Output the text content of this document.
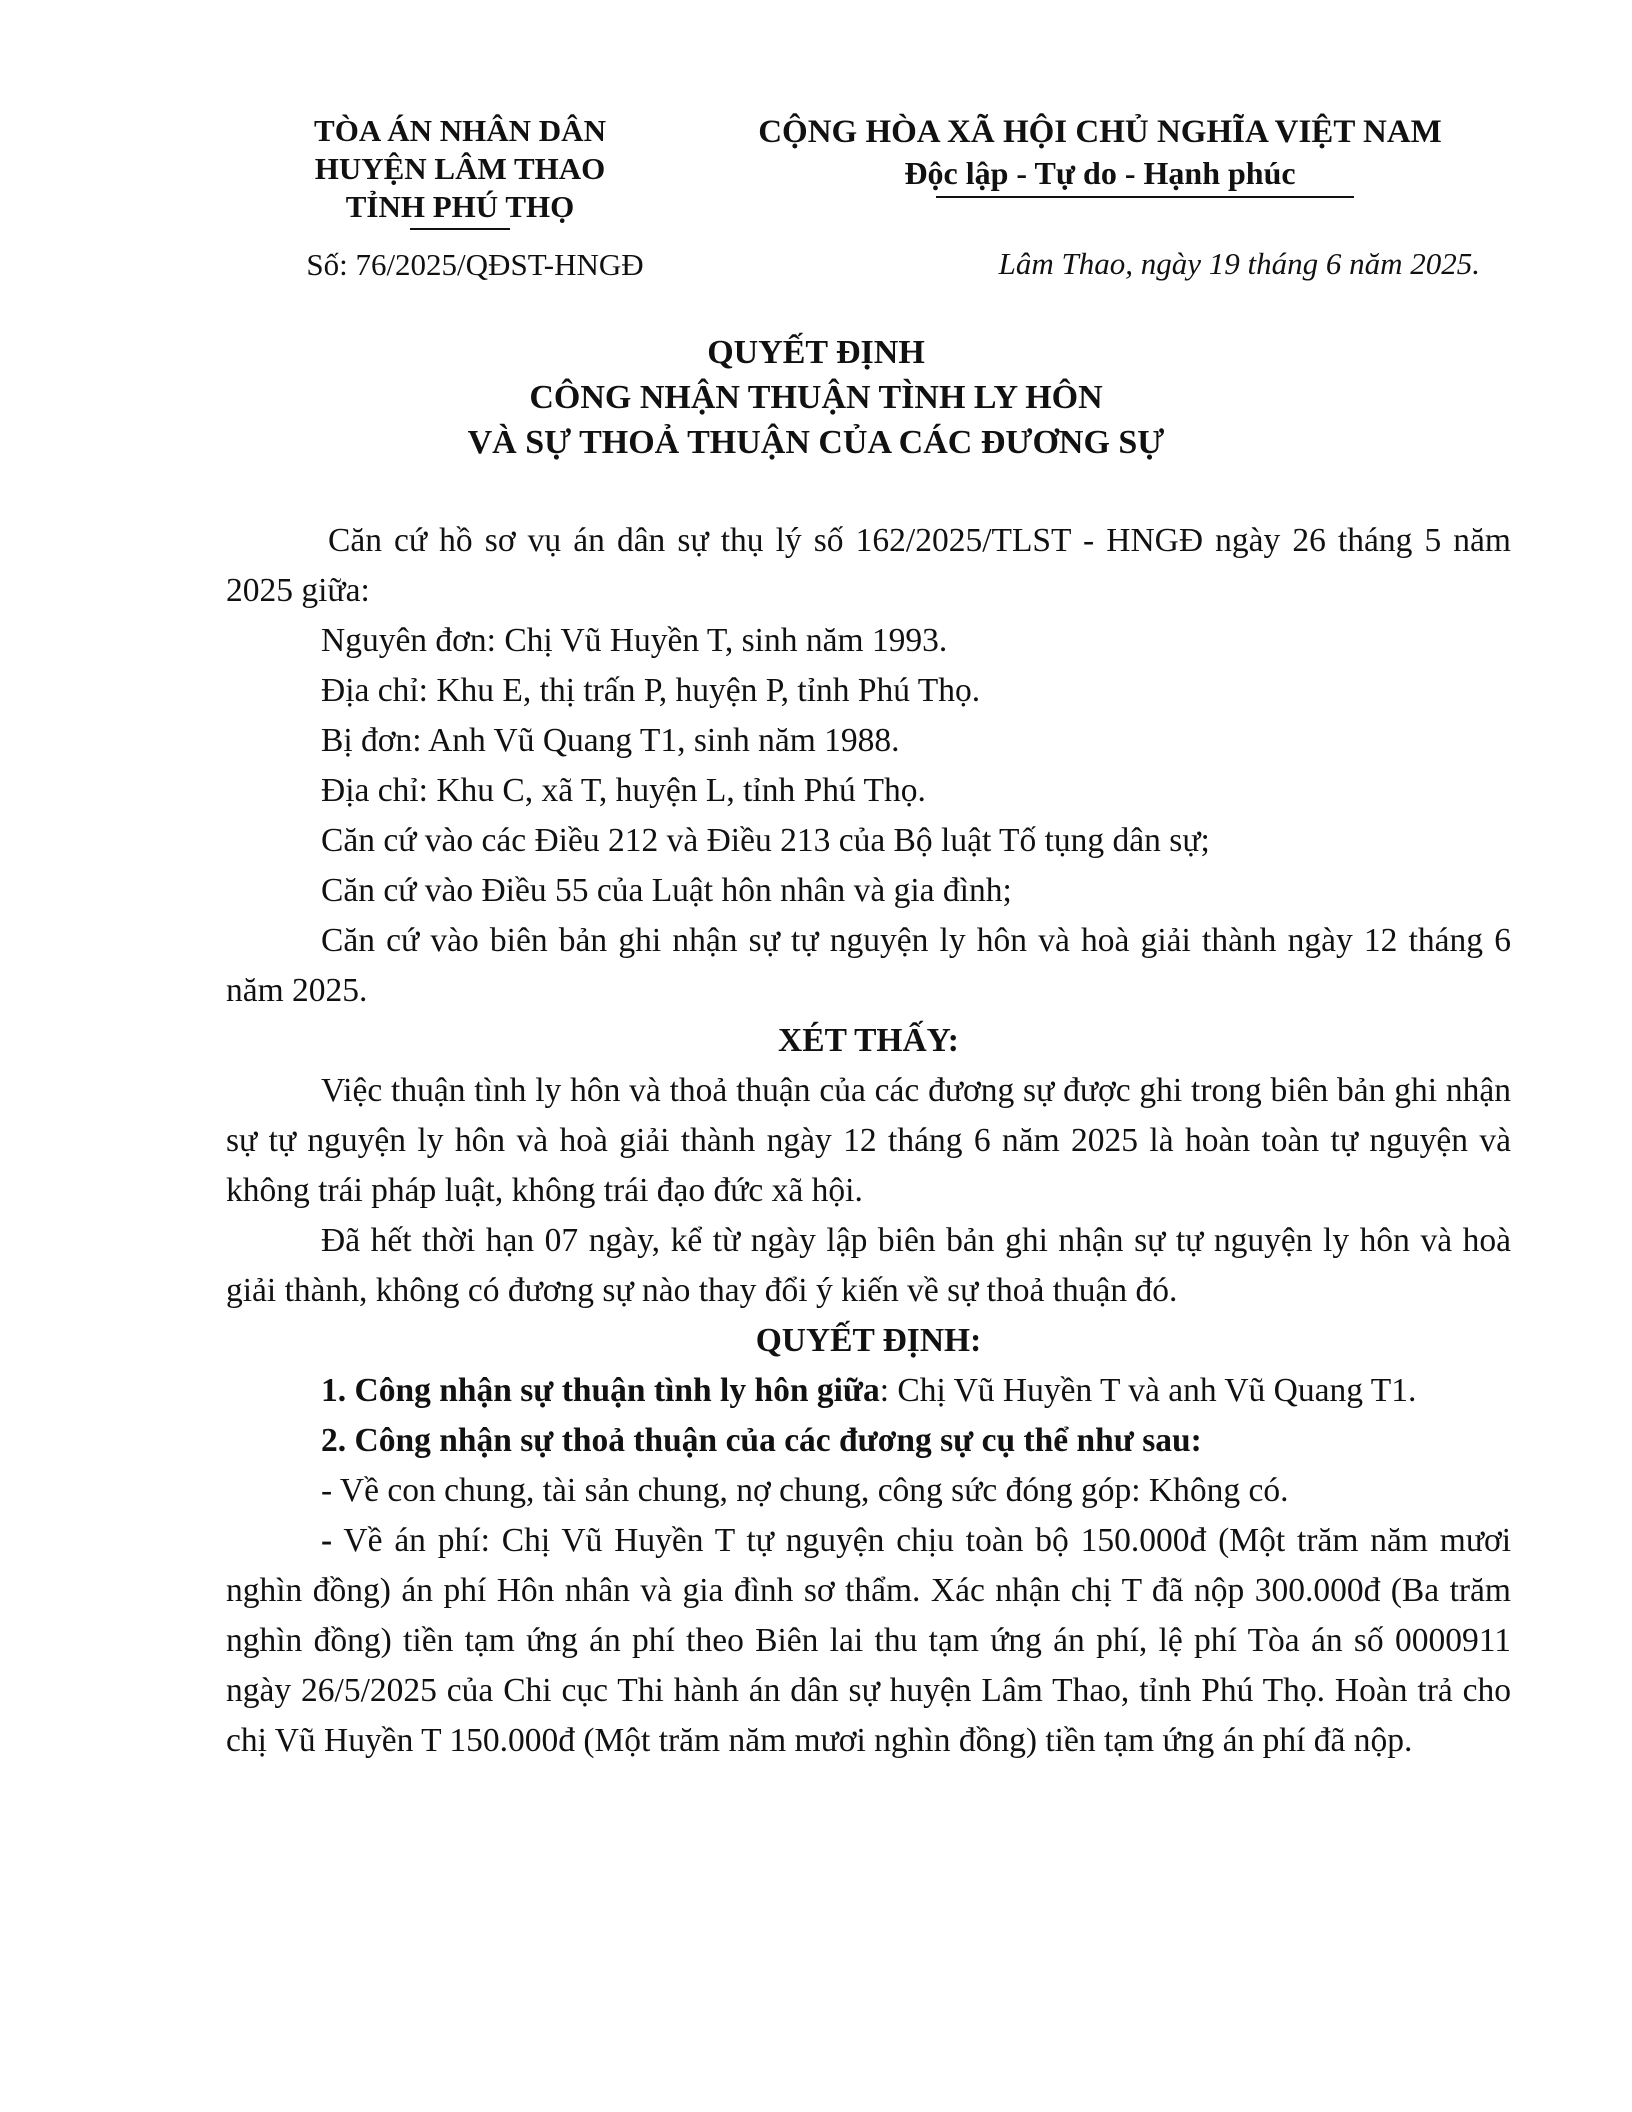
TÒA ÁN NHÂN DÂN
HUYỆN LÂM THAO
TỈNH PHÚ THỌ
CỘNG HÒA XÃ HỘI CHỦ NGHĨA VIỆT NAM
Độc lập - Tự do - Hạnh phúc
Số: 76/2025/QĐST-HNGĐ	Lâm Thao, ngày 19 tháng 6 năm 2025.
QUYẾT ĐỊNH
CÔNG NHẬN THUẬN TÌNH LY HÔN
VÀ SỰ THOẢ THUẬN CỦA CÁC ĐƯƠNG SỰ

Căn cứ hồ sơ vụ án dân sự thụ lý số 162/2025/TLST - HNGĐ ngày 26 tháng 5 năm 2025 giữa:

Nguyên đơn: Chị Vũ Huyền T, sinh năm 1993.

Địa chỉ: Khu E, thị trấn P, huyện P, tỉnh Phú Thọ.

Bị đơn: Anh Vũ Quang T1, sinh năm 1988.

Địa chỉ: Khu C, xã T, huyện L, tỉnh Phú Thọ.

Căn cứ vào các Điều 212 và Điều 213 của Bộ luật Tố tụng dân sự;

Căn cứ vào Điều 55 của Luật hôn nhân và gia đình;

Căn cứ vào biên bản ghi nhận sự tự nguyện ly hôn và hoà giải thành ngày 12 tháng 6 năm 2025.

XÉT THẤY:

Việc thuận tình ly hôn và thoả thuận của các đương sự được ghi trong biên bản ghi nhận sự tự nguyện ly hôn và hoà giải thành ngày 12 tháng 6 năm 2025 là hoàn toàn tự nguyện và không trái pháp luật, không trái đạo đức xã hội.

Đã hết thời hạn 07 ngày, kể từ ngày lập biên bản ghi nhận sự tự nguyện ly hôn và hoà giải thành, không có đương sự nào thay đổi ý kiến về sự thoả thuận đó.

QUYẾT ĐỊNH:

1. Công nhận sự thuận tình ly hôn giữa: Chị Vũ Huyền T và anh Vũ Quang T1.

2. Công nhận sự thoả thuận của các đương sự cụ thể như sau:

- Về con chung, tài sản chung, nợ chung, công sức đóng góp: Không có.

- Về án phí: Chị Vũ Huyền T tự nguyện chịu toàn bộ 150.000đ (Một trăm năm mươi nghìn đồng) án phí Hôn nhân và gia đình sơ thẩm. Xác nhận chị T đã nộp 300.000đ (Ba trăm nghìn đồng) tiền tạm ứng án phí theo Biên lai thu tạm ứng án phí, lệ phí Tòa án số 0000911 ngày 26/5/2025 của Chi cục Thi hành án dân sự huyện Lâm Thao, tỉnh Phú Thọ. Hoàn trả cho chị Vũ Huyền T 150.000đ (Một trăm năm mươi nghìn đồng) tiền tạm ứng án phí đã nộp.
